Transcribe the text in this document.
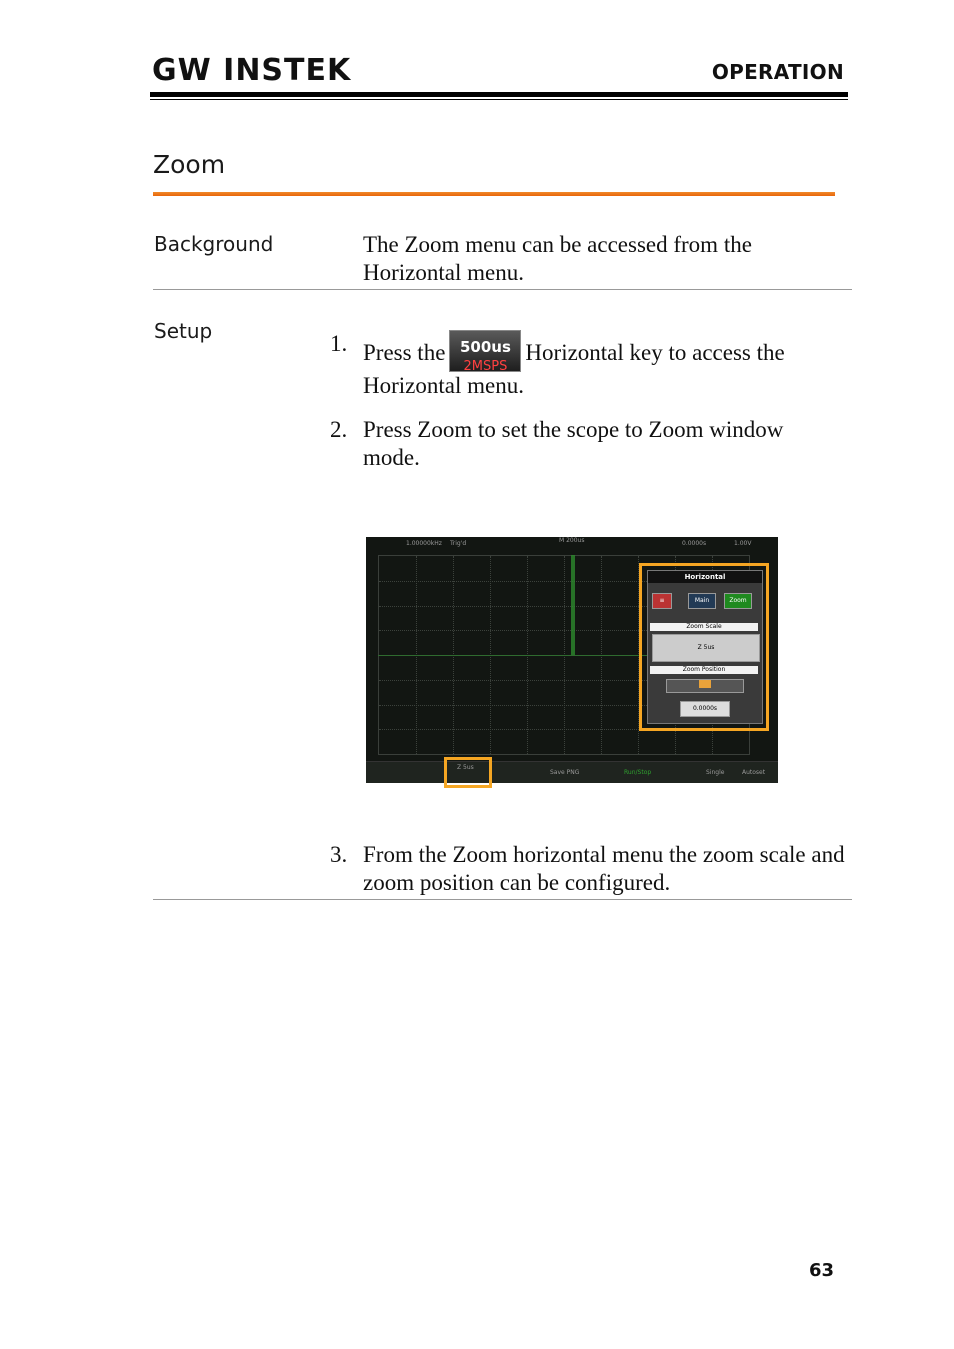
GW INSTEK	OPERATION
Zoom
Background	The Zoom menu can be accessed from the Horizontal menu.
Setup	1. Press the 500us
2MSPS
Horizontal key to access the Horizontal menu.
2. Press Zoom to set the scope to Zoom window mode.
1.00000kHz Trig'd	M 200us	0.0000s	1.00V
Horizontal
≡	Main	Zoom
Zoom Scale
Z 5us
Zoom Position
0.0000s
Save PNG	Run/Stop	Single	Autoset
Z 5us
3. From the Zoom horizontal menu the zoom scale and zoom position can be configured.
63
